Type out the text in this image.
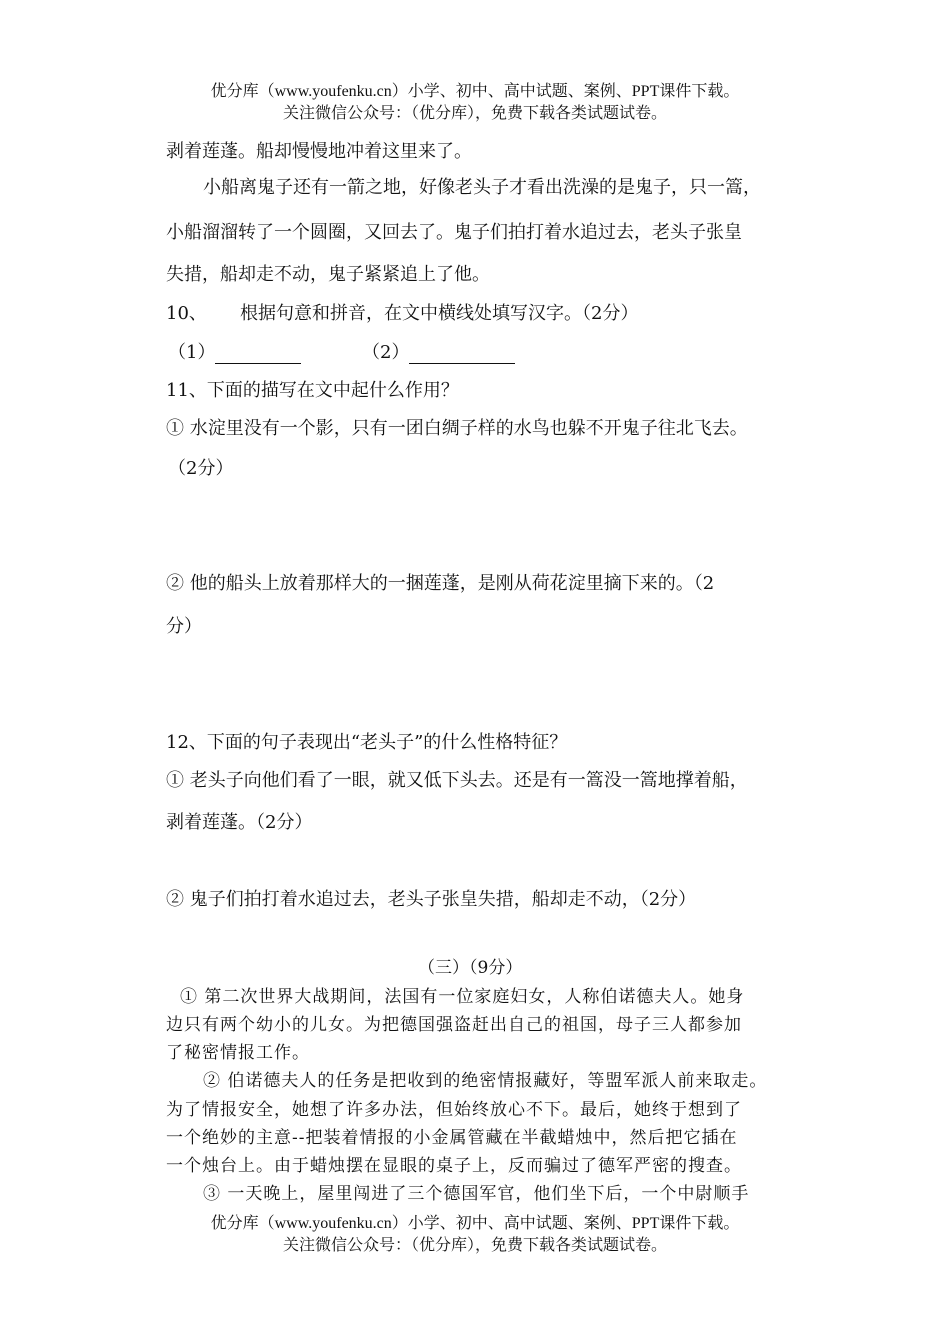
优分库（www.youfenku.cn）小学、初中、高中试题、案例、PPT课件下载。
关注微信公众号：（优分库），免费下载各类试题试卷。
剥着莲蓬。船却慢慢地冲着这里来了。
小船离鬼子还有一箭之地，好像老头子才看出洗澡的是鬼子，只一篙，
小船溜溜转了一个圆圈，又回去了。鬼子们拍打着水追过去，老头子张皇
失措，船却走不动，鬼子紧紧追上了他。
10、 根据句意和拼音，在文中横线处填写汉字。（2分）
（1）	（2）
11、下面的描写在文中起什么作用？
① 水淀里没有一个影，只有一团白绸子样的水鸟也躲不开鬼子往北飞去。
（2分）
② 他的船头上放着那样大的一捆莲蓬，是刚从荷花淀里摘下来的。（2
分）
12、下面的句子表现出“老头子”的什么性格特征？
① 老头子向他们看了一眼，就又低下头去。还是有一篙没一篙地撑着船，
剥着莲蓬。（2分）
② 鬼子们拍打着水追过去，老头子张皇失措，船却走不动，（2分）
（三）（9分）
① 第二次世界大战期间，法国有一位家庭妇女，人称伯诺德夫人。她身
边只有两个幼小的儿女。为把德国强盗赶出自己的祖国，母子三人都参加
了秘密情报工作。
② 伯诺德夫人的任务是把收到的绝密情报藏好，等盟军派人前来取走。
为了情报安全，她想了许多办法，但始终放心不下。最后，她终于想到了
一个绝妙的主意--把装着情报的小金属管藏在半截蜡烛中，然后把它插在
一个烛台上。由于蜡烛摆在显眼的桌子上，反而骗过了德军严密的搜查。
③ 一天晚上，屋里闯进了三个德国军官，他们坐下后，一个中尉顺手
优分库（www.youfenku.cn）小学、初中、高中试题、案例、PPT课件下载。
关注微信公众号：（优分库），免费下载各类试题试卷。
